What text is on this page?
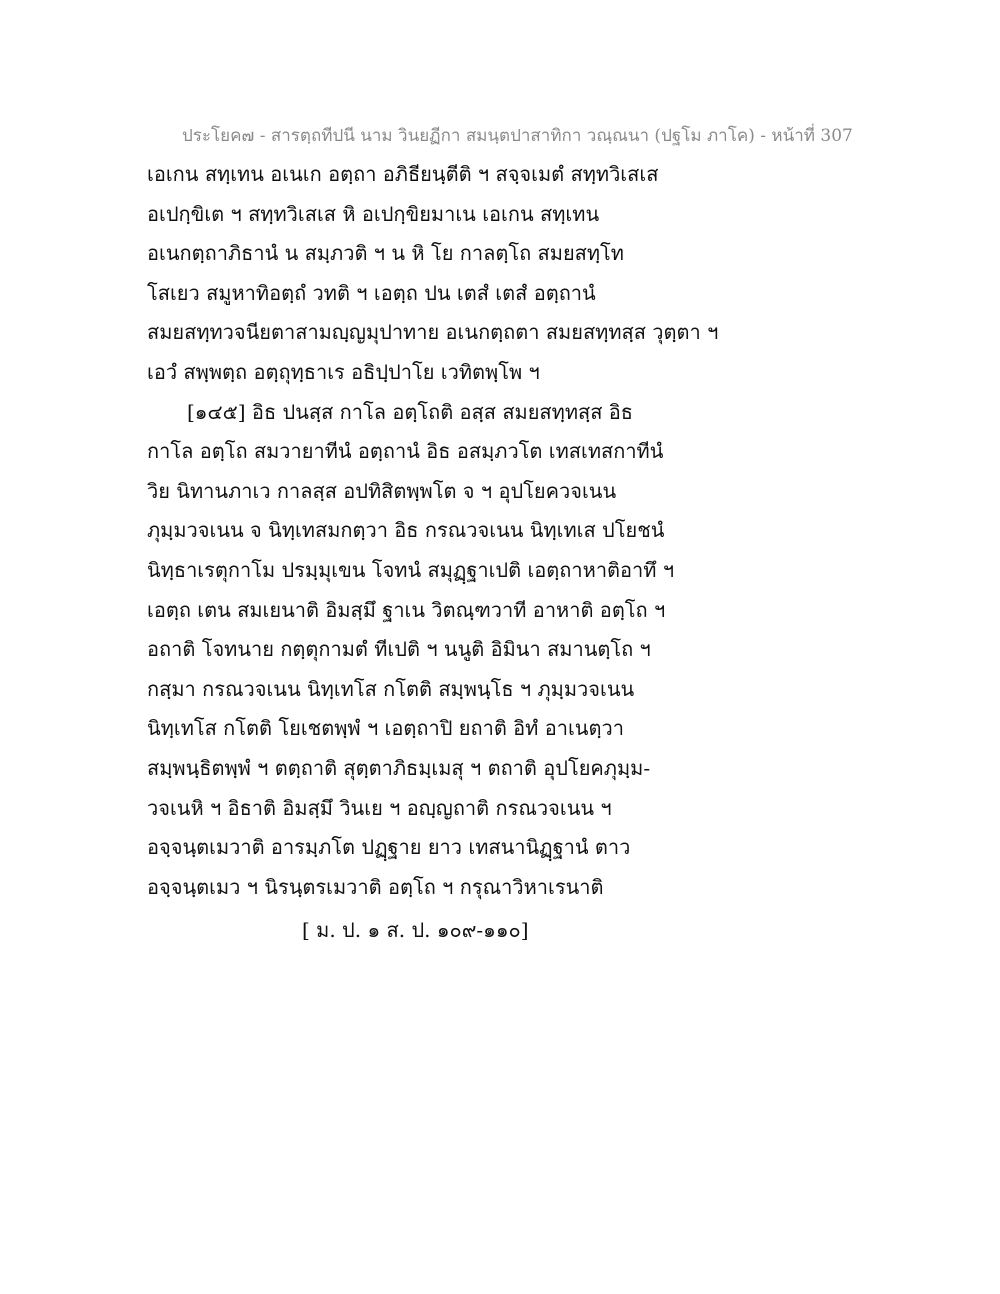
ประโยค๗ - สารตฺถทีปนี นาม วินยฏีกา สมนฺตปาสาทิกา วณฺณนา (ปฐโม ภาโค) - หน้าที่ 307
เอเกน สทฺเทน อเนเก อตฺถา อภิธียนฺตีติ ฯ สจฺจเมตํ สทฺทวิเสเส
อเปกฺขิเต ฯ สทฺทวิเสเส หิ อเปกฺขิยมาเน เอเกน สทฺเทน
อเนกตฺถาภิธานํ น สมฺภวติ ฯ น หิ โย กาลตฺโถ สมยสทฺโท
โสเยว สมูหาทิอตฺถํ วทติ ฯ เอตฺถ ปน เตสํ เตสํ อตฺถานํ
สมยสทฺทวจนียตาสามญฺญมุปาทาย อเนกตฺถตา สมยสทฺทสฺส วุตฺตา ฯ
เอวํ สพฺพตฺถ อตฺถุทฺธาเร อธิปฺปาโย เวทิตพฺโพ ฯ
[๑๔๕] อิธ ปนสฺส กาโล อตฺโถติ อสฺส สมยสทฺทสฺส อิธ
กาโล อตฺโถ สมวายาทีนํ อตฺถานํ อิธ อสมฺภวโต เทสเทสกาทีนํ
วิย นิทานภาเว กาลสฺส อปทิสิตพฺพโต จ ฯ อุปโยควจเนน
ภุมฺมวจเนน จ นิทฺเทสมกตฺวา อิธ กรณวจเนน นิทฺเทเส ปโยชนํ
นิทฺธาเรตุกาโม ปรมฺมุเขน โจทนํ สมุฏฺฐาเปติ เอตฺถาหาติอาทึ ฯ
เอตฺถ เตน สมเยนาติ อิมสฺมึ ฐาเน วิตณฺฑวาที อาหาติ อตฺโถ ฯ
อถาติ โจทนาย กตฺตุกามตํ ทีเปติ ฯ นนูติ อิมินา สมานตฺโถ ฯ
กสฺมา กรณวจเนน นิทฺเทโส กโตติ สมฺพนฺโธ ฯ ภุมฺมวจเนน
นิทฺเทโส กโตติ โยเชตพฺพํ ฯ เอตฺถาปิ ยถาติ อิทํ อาเนตฺวา
สมฺพนฺธิตพฺพํ ฯ ตตฺถาติ สุตฺตาภิธมฺเมสุ ฯ ตถาติ อุปโยคภุมฺม-
วจเนหิ ฯ อิธาติ อิมสฺมึ วินเย ฯ อญฺญถาติ กรณวจเนน ฯ
อจฺจนฺตเมวาติ อารมฺภโต ปฏฺฐาย ยาว เทสนานิฏฺฐานํ ตาว
อจฺจนฺตเมว ฯ นิรนฺตรเมวาติ อตฺโถ ฯ กรุณาวิหาเรนาติ
[ ม. ป. ๑ ส. ป. ๑๐๙-๑๑๐]
